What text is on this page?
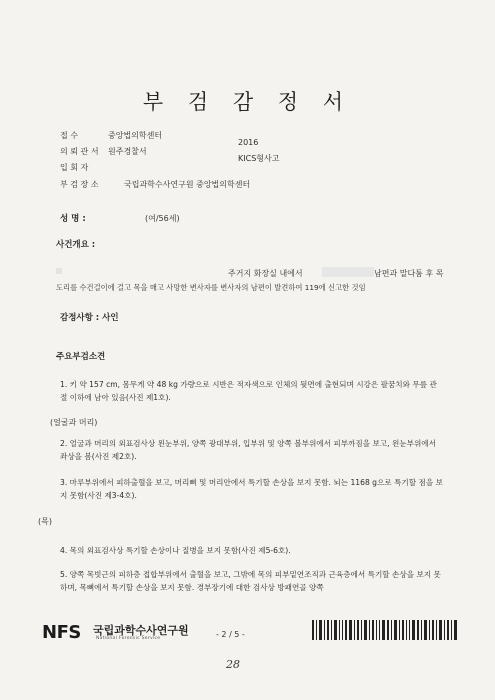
부 검 감 정 서
접 수	중앙법의학센터
2016
의 뢰 관 서 원주경찰서
KICS형사고
입 회 자
부 검 장 소	국립과학수사연구원 중앙법의학센터
성 명 :	(여/56세)
사건개요 :
주거지 화장실 내에서	남편과 말다툼 후 목
도리를 수건걸이에 걸고 목을 매고 사망한 변사자를 변사자의 남편이 발견하여 119에 신고한 것임
감정사항 : 사인
주요부검소견
1. 키 약 157 cm, 몸무게 약 48 kg 가량으로 시반은 적자색으로 인체의 뒷면에 출현되며 시강은 팔꿈치와 무릎 관절 이하에 남아 있음(사진 제1호).
(얼굴과 머리)
2. 얼굴과 머리의 외표검사상 왼눈부위, 양쪽 광대부위, 입부위 및 양쪽 볼부위에서 피부까짐을 보고, 왼눈부위에서 좌상을 봄(사진 제2호).
3. 마루부위에서 피하출혈을 보고, 머리뼈 및 머리안에서 특기할 손상을 보지 못함. 뇌는 1168 g으로 특기할 점을 보지 못함(사진 제3-4호).
(목)
4. 목의 외표검사상 특기할 손상이나 질병을 보지 못함(사진 제5-6호).
5. 양쪽 목빗근의 피하층 접합부위에서 출혈을 보고, 그밖에 목의 피부밑연조직과 근육층에서 특기할 손상을 보지 못하며, 목뼈에서 특기할 손상을 보지 못함. 경부장기에 대한 검사상 방패연골 양쪽
NFS 국립과학수사연구원
National Forensic Service	- 2 / 5 -
28
